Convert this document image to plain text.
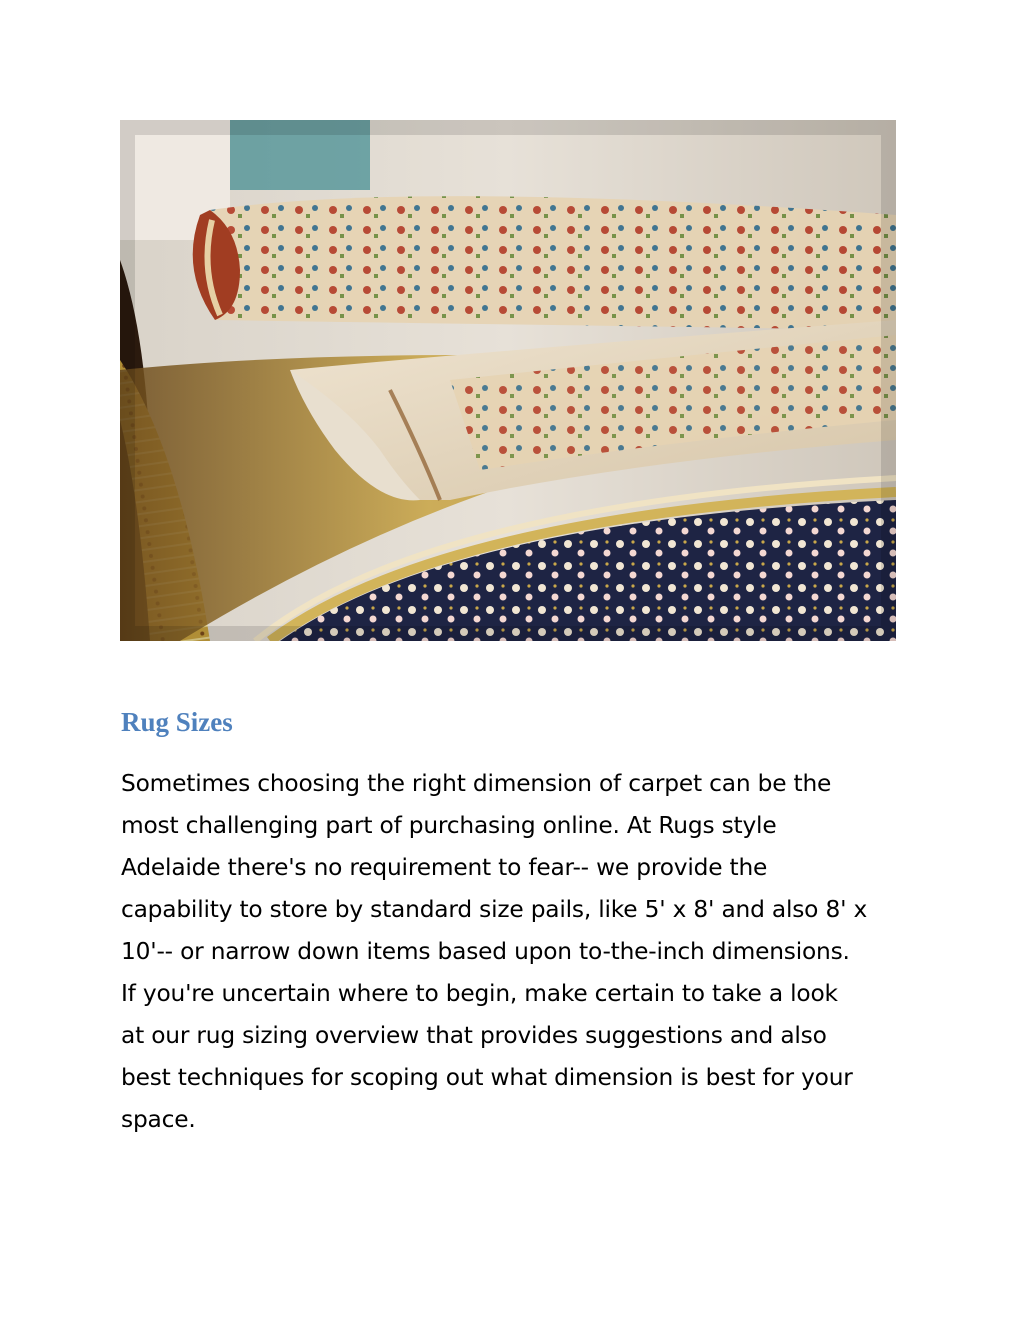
Rug Sizes

Sometimes choosing the right dimension of carpet can be the
most challenging part of purchasing online. At Rugs style
Adelaide there's no requirement to fear-- we provide the
capability to store by standard size pails, like 5' x 8' and also 8' x
10'-- or narrow down items based upon to-the-inch dimensions.
If you're uncertain where to begin, make certain to take a look
at our rug sizing overview that provides suggestions and also
best techniques for scoping out what dimension is best for your
space.
